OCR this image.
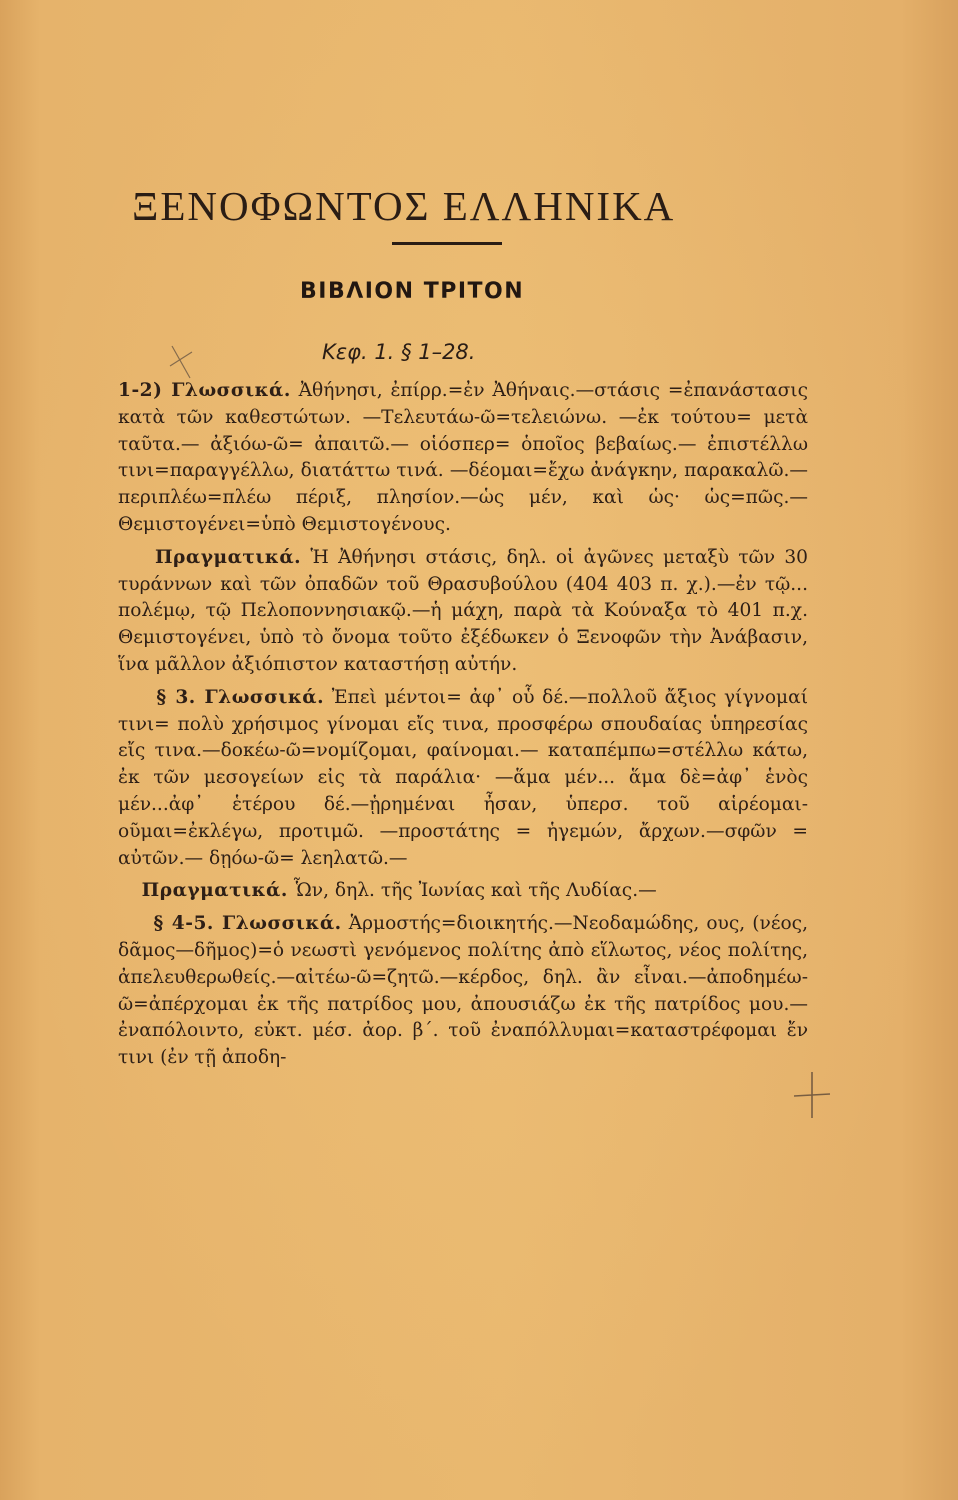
ΞΕΝΟΦΩΝΤΟΣ ΕΛΛΗΝΙΚΑ
ΒΙΒΛΙΟΝ ΤΡΙΤΟΝ
Κεφ. 1. § 1–28.

1-2) Γλωσσικά. Ἀθήνησι, ἐπίρρ.=ἐν Ἀθήναις.—στάσις =ἐπανάστασις κατὰ τῶν καθεστώτων. —Τελευτάω-ῶ=τελειώνω. —ἐκ τούτου= μετὰ ταῦτα.— ἀξιόω-ῶ= ἀπαιτῶ.— οἱόσπερ= ὁποῖος βεβαίως.— ἐπιστέλλω τινι=παραγγέλλω, διατάττω τινά. —δέομαι=ἔχω ἀνάγκην, παρακαλῶ.—περιπλέω=πλέω πέριξ, πλησίον.—ὡς μέν, καὶ ὡς· ὡς=πῶς.—Θεμιστογένει=ὑπὸ Θεμιστογένους.

Πραγματικά. Ἡ Ἀθήνησι στάσις, δηλ. οἱ ἀγῶνες μεταξὺ τῶν 30 τυράννων καὶ τῶν ὀπαδῶν τοῦ Θρασυβούλου (404 403 π. χ.).—ἐν τῷ... πολέμῳ, τῷ Πελοποννησιακῷ.—ἡ μάχη, παρὰ τὰ Κούναξα τὸ 401 π.χ. Θεμιστογένει, ὑπὸ τὸ ὄνομα τοῦτο ἐξέδωκεν ὁ Ξενοφῶν τὴν Ἀνάβασιν, ἵνα μᾶλλον ἀξιόπιστον καταστήσῃ αὐτήν.

§ 3. Γλωσσικά. Ἐπεὶ μέντοι= ἀφ᾿ οὗ δέ.—πολλοῦ ἄξιος γίγνομαί τινι= πολὺ χρήσιμος γίνομαι εἴς τινα, προσφέρω σπουδαίας ὑπηρεσίας εἴς τινα.—δοκέω-ῶ=νομίζομαι, φαίνομαι.— καταπέμπω=στέλλω κάτω, ἐκ τῶν μεσογείων εἰς τὰ παράλια· —ἅμα μέν... ἅμα δὲ=ἀφ᾿ ἑνὸς μέν...ἀφ᾿ ἑτέρου δέ.—ᾑρημέναι ἦσαν, ὑπερσ. τοῦ αἱρέομαι-οῦμαι=ἐκλέγω, προτιμῶ. —προστάτης = ἡγεμών, ἄρχων.—σφῶν = αὐτῶν.— δῃόω-ῶ= λεηλατῶ.—

Πραγματικά. Ὧν, δηλ. τῆς Ἰωνίας καὶ τῆς Λυδίας.—

§ 4-5. Γλωσσικά. Ἁρμοστής=διοικητής.—Νεοδαμώδης, ους, (νέος, δᾶμος—δῆμος)=ὁ νεωστὶ γενόμενος πολίτης ἀπὸ εἵλωτος, νέος πολίτης, ἀπελευθερωθείς.—αἰτέω-ῶ=ζητῶ.—κέρδος, δηλ. ἂν εἶναι.—ἀποδημέω-ῶ=ἀπέρχομαι ἐκ τῆς πατρίδος μου, ἀπουσιάζω ἐκ τῆς πατρίδος μου.—ἐναπόλοιντο, εὐκτ. μέσ. ἀορ. β΄. τοῦ ἐναπόλλυμαι=καταστρέφομαι ἔν τινι (ἐν τῇ ἀποδη-
